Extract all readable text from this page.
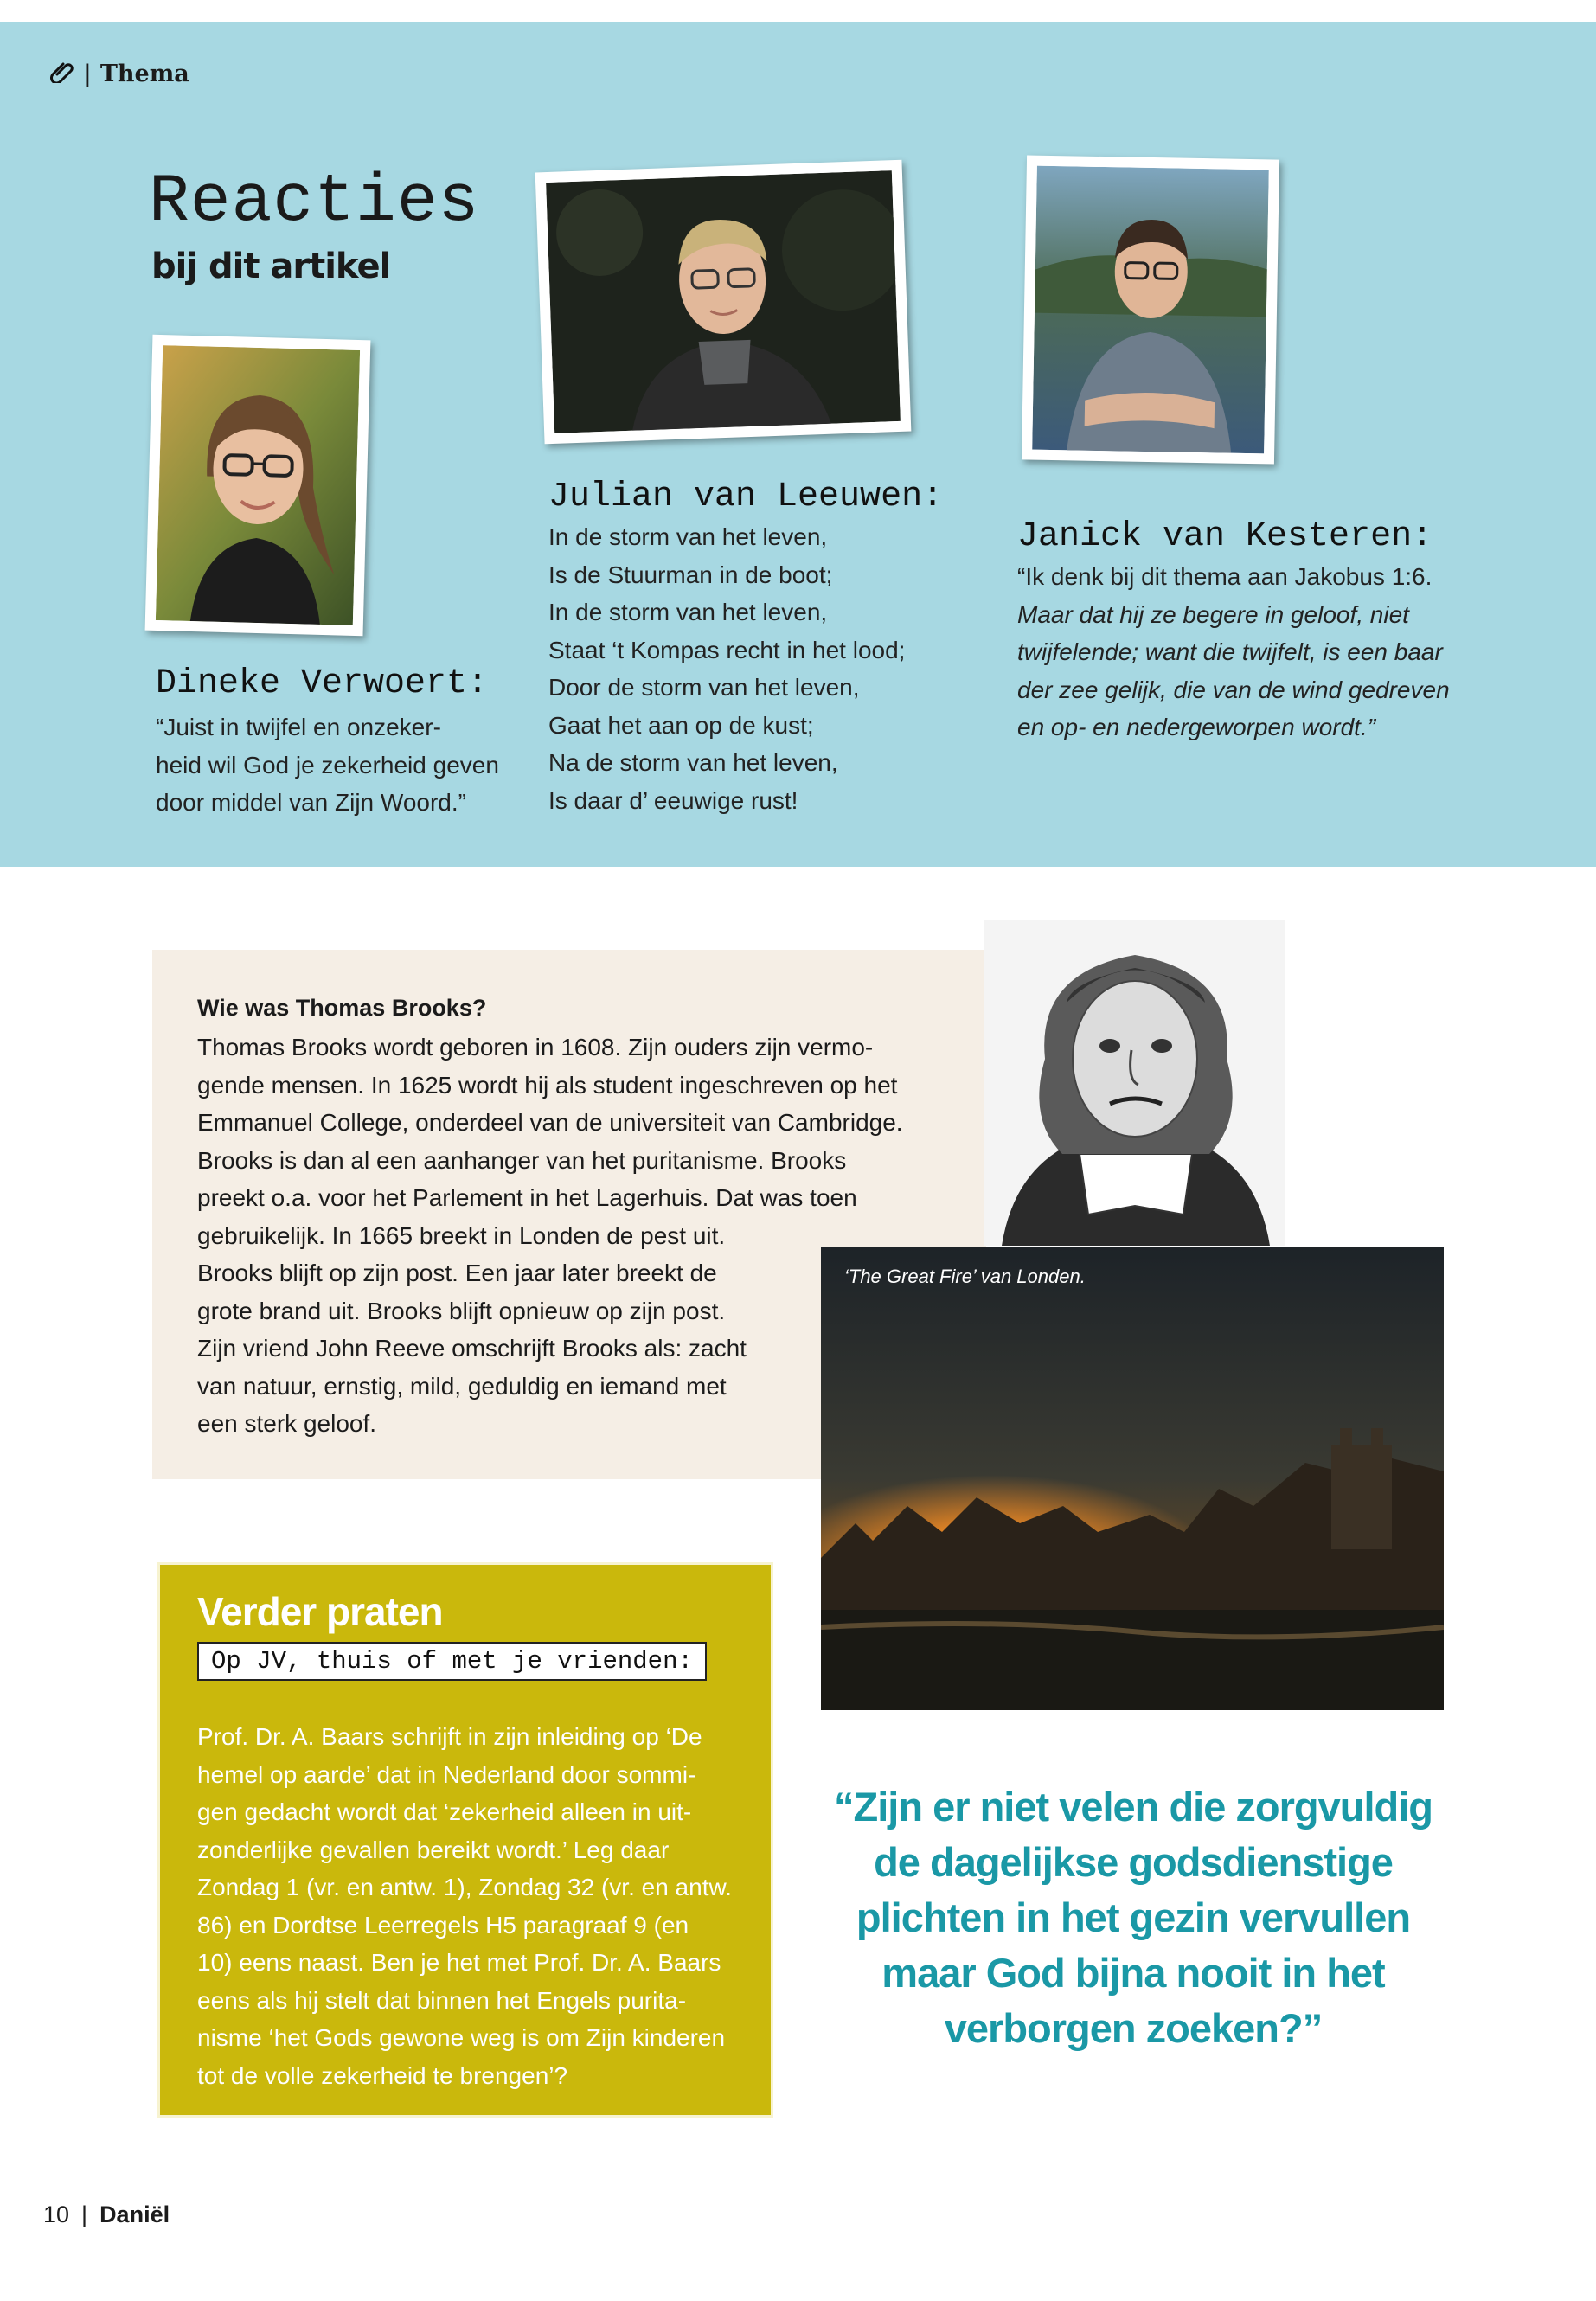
| Thema
Reacties
bij dit artikel
Dineke Verwoert:
“Juist in twijfel en onzeker-
heid wil God je zekerheid geven
door middel van Zijn Woord.”
Julian van Leeuwen:
In de storm van het leven,
Is de Stuurman in de boot;
In de storm van het leven,
Staat ‘t Kompas recht in het lood;
Door de storm van het leven,
Gaat het aan op de kust;
Na de storm van het leven,
Is daar d’ eeuwige rust!
Janick van Kesteren:
“Ik denk bij dit thema aan Jakobus 1:6.
Maar dat hij ze begere in geloof, niet
twijfelende; want die twijfelt, is een baar
der zee gelijk, die van de wind gedreven
en op- en nedergeworpen wordt.”
‘The Great Fire’ van Londen.
Wie was Thomas Brooks?
Thomas Brooks wordt geboren in 1608. Zijn ouders zijn vermo-
gende mensen. In 1625 wordt hij als student ingeschreven op het
Emmanuel College, onderdeel van de universiteit van Cambridge.
Brooks is dan al een aanhanger van het puritanisme. Brooks
preekt o.a. voor het Parlement in het Lagerhuis. Dat was toen
gebruikelijk. In 1665 breekt in Londen de pest uit.
Brooks blijft op zijn post. Een jaar later breekt de
grote brand uit. Brooks blijft opnieuw op zijn post.
Zijn vriend John Reeve omschrijft Brooks als: zacht
van natuur, ernstig, mild, geduldig en iemand met
een sterk geloof.
Verder praten
Op JV, thuis of met je vrienden:
Prof. Dr. A. Baars schrijft in zijn inleiding op ‘De
hemel op aarde’ dat in Nederland door sommi-
gen gedacht wordt dat ‘zekerheid alleen in uit-
zonderlijke gevallen bereikt wordt.’ Leg daar
Zondag 1 (vr. en antw. 1), Zondag 32 (vr. en antw.
86) en Dordtse Leerregels H5 paragraaf 9 (en
10) eens naast. Ben je het met Prof. Dr. A. Baars
eens als hij stelt dat binnen het Engels purita-
nisme ‘het Gods gewone weg is om Zijn kinderen
tot de volle zekerheid te brengen’?
“Zijn er niet velen die zorgvuldig
de dagelijkse godsdienstige
plichten in het gezin vervullen
maar God bijna nooit in het
verborgen zoeken?”
10 | Daniël
